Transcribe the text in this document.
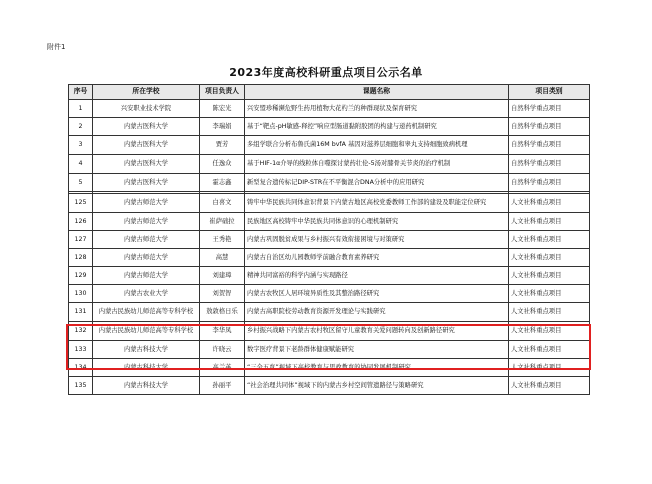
附件1
2023年度高校科研重点项目公示名单
序号	所在学校	项目负责人	课题名称	项目类别
1	兴安职业技术学院	陈宏光	兴安盟珍稀濒危野生药用植物大花杓兰的种群现状及保育研究	自然科学重点项目
2	内蒙古医科大学	李瑞娟	基于“靶点-pH敏感-释控”响应型肠道黏附胶团的构建与递药机制研究	自然科学重点项目
3	内蒙古医科大学	贾芳	多组学联合分析布鲁氏菌16M bvfA 基因对滋养层细胞和睾丸支持细胞致病机理	自然科学重点项目
4	内蒙古医科大学	任逸众	基于HIF-1α介导的线粒体自噬探讨蒙药壮伦-5汤对膝骨关节炎的治疗机制	自然科学重点项目
5	内蒙古医科大学	霍志鑫	新型复合遗传标记DIP-STR在不平衡混合DNA分析中的应用研究	自然科学重点项目

125	内蒙古师范大学	白喜文	铸牢中华民族共同体意识背景下内蒙古地区高校党委教师工作部的建设及职能定位研究	人文社科重点项目
126	内蒙古师范大学	崔萨础拉	民族地区高校铸牢中华民族共同体意识的心理机制研究	人文社科重点项目
127	内蒙古师范大学	王秀艳	内蒙古巩固脱贫成果与乡村振兴有效衔接困境与对策研究	人文社科重点项目
128	内蒙古师范大学	高慧	内蒙古自治区幼儿园教师学前融合教育素养研究	人文社科重点项目
129	内蒙古师范大学	刘建璋	精神共同富裕的科学内涵与实现路径	人文社科重点项目
130	内蒙古农业大学	刘贺智	内蒙古农牧区人居环境异质性及其整治路径研究	人文社科重点项目
131	内蒙古民族幼儿师范高等专科学校	敖敦格日乐	内蒙古高职院校劳动教育资源开发理论与实践研究	人文社科重点项目
132	内蒙古民族幼儿师范高等专科学校	李华凤	乡村振兴战略下内蒙古农村牧区留守儿童教育关爱问题转向及创新路径研究	人文社科重点项目
133	内蒙古科技大学	许晓云	数字医疗背景下老龄群体健康赋能研究	人文社科重点项目
134	内蒙古科技大学	高兰英	“三全五育”视域下高校教育与思政教育的协同发展机制研究	人文社科重点项目
135	内蒙古科技大学	孙丽平	“社会治理共同体”视域下的内蒙古乡村空间管遗路径与策略研究	人文社科重点项目
